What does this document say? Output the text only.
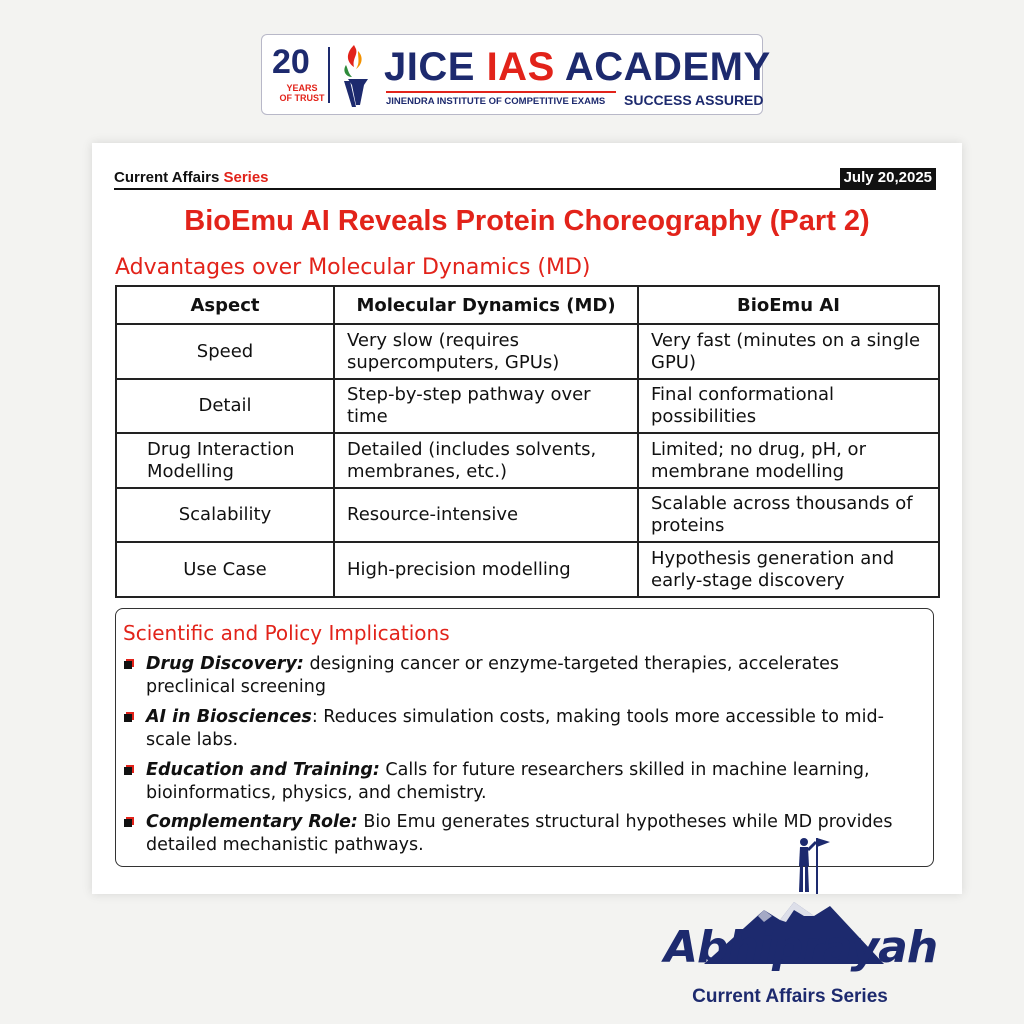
20
YEARS
OF TRUST
JICE IAS ACADEMY
JINENDRA INSTITUTE OF COMPETITIVE EXAMS SUCCESS ASSURED
Current Affairs Series	July 20,2025
BioEmu AI Reveals Protein Choreography (Part 2)
Advantages over Molecular Dynamics (MD)
Aspect	Molecular Dynamics (MD)	BioEmu AI
Speed	Very slow (requires supercomputers, GPUs)	Very fast (minutes on a single GPU)
Detail	Step-by-step pathway over time	Final conformational possibilities
Drug Interaction Modelling	Detailed (includes solvents, membranes, etc.)	Limited; no drug, pH, or membrane modelling
Scalability	Resource-intensive	Scalable across thousands of proteins
Use Case	High-precision modelling	Hypothesis generation and early-stage discovery
Scientific and Policy Implications
Drug Discovery: designing cancer or enzyme-targeted therapies, accelerates preclinical screening
AI in Biosciences: Reduces simulation costs, making tools more accessible to mid-scale labs.
Education and Training: Calls for future researchers skilled in machine learning, bioinformatics, physics, and chemistry.
Complementary Role: Bio Emu generates structural hypotheses while MD provides detailed mechanistic pathways.
Abhiprayah
Current Affairs Series
